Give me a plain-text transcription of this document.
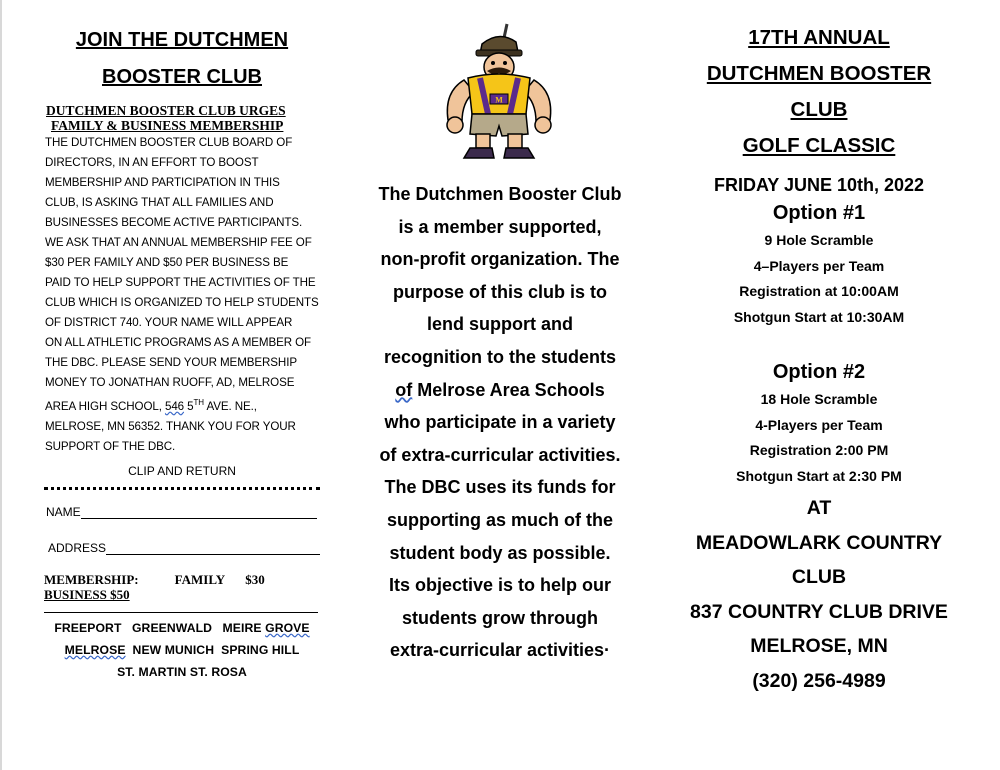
JOIN THE DUTCHMEN
BOOSTER CLUB
DUTCHMEN BOOSTER CLUB URGES
FAMILY & BUSINESS MEMBERSHIP
THE DUTCHMEN BOOSTER CLUB BOARD OF
DIRECTORS, IN AN EFFORT TO BOOST
MEMBERSHIP AND PARTICIPATION IN THIS
CLUB, IS ASKING THAT ALL FAMILIES AND
BUSINESSES BECOME ACTIVE PARTICIPANTS.
WE ASK THAT AN ANNUAL MEMBERSHIP FEE OF
$30 PER FAMILY AND $50 PER BUSINESS BE
PAID TO HELP SUPPORT THE ACTIVITIES OF THE
CLUB WHICH IS ORGANIZED TO HELP STUDENTS
OF DISTRICT 740. YOUR NAME WILL APPEAR
ON ALL ATHLETIC PROGRAMS AS A MEMBER OF
THE DBC. PLEASE SEND YOUR MEMBERSHIP
MONEY TO JONATHAN RUOFF, AD, MELROSE
AREA HIGH SCHOOL, 546 5TH AVE. NE.,
MELROSE, MN 56352. THANK YOU FOR YOUR
SUPPORT OF THE DBC.
CLIP AND RETURN
NAME
ADDRESS
MEMBERSHIP:	FAMILY $30
BUSINESS $50
FREEPORT   GREENWALD   MEIRE GROVE
MELROSE  NEW MUNICH  SPRING HILL
ST. MARTIN ST. ROSA
M
The Dutchmen Booster Club
is a member supported,
non-profit organization. The
purpose of this club is to
lend support and
recognition to the students
of Melrose Area Schools
who participate in a variety
of extra-curricular activities.
The DBC uses its funds for
supporting as much of the
student body as possible.
Its objective is to help our
students grow through
extra-curricular activities·
17TH ANNUAL
DUTCHMEN BOOSTER
CLUB
GOLF CLASSIC
FRIDAY JUNE 10th, 2022
Option #1
9 Hole Scramble
4–Players per Team
Registration at 10:00AM
Shotgun Start at 10:30AM
Option #2
18 Hole Scramble
4-Players per Team
Registration 2:00 PM
Shotgun Start at 2:30 PM
AT
MEADOWLARK COUNTRY
CLUB
837 COUNTRY CLUB DRIVE
MELROSE, MN
(320) 256-4989
